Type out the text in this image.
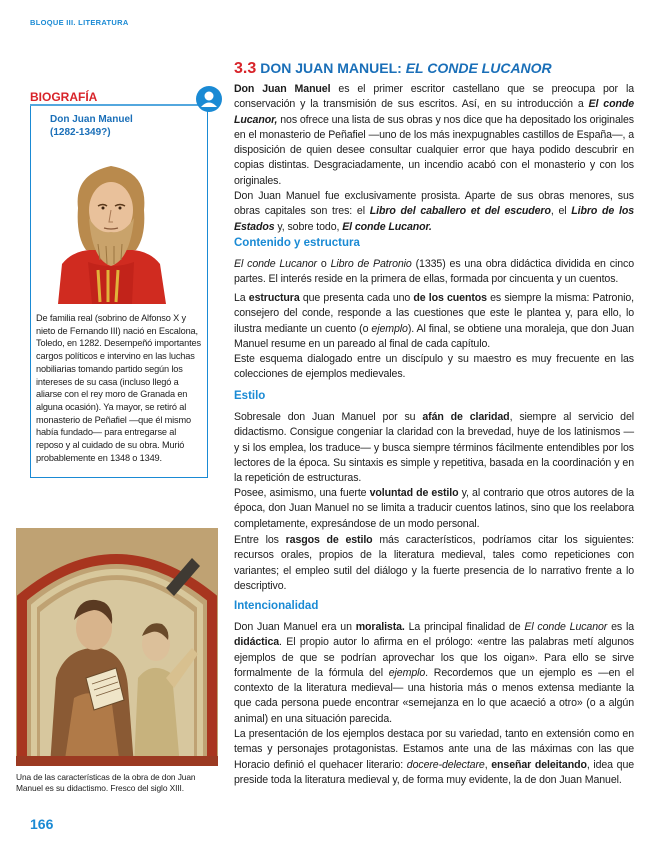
BLOQUE III. LITERATURA
BIOGRAFÍA
Don Juan Manuel
(1282-1349?)
De familia real (sobrino de Alfonso X y nieto de Fernando III) nació en Escalona, Toledo, en 1282. Desempeñó importantes cargos políticos e intervino en las luchas nobiliarias tomando partido según los intereses de su casa (incluso llegó a aliarse con el rey moro de Granada en alguna ocasión). Ya mayor, se retiró al monasterio de Peñafiel —que él mismo había fundado— para entregarse al reposo y al cuidado de su obra. Murió probablemente en 1348 o 1349.
Una de las características de la obra de don Juan Manuel es su didactismo. Fresco del siglo XIII.
3.3 DON JUAN MANUEL: EL CONDE LUCANOR

Don Juan Manuel es el primer escritor castellano que se preocupa por la conservación y la transmisión de sus escritos. Así, en su introducción a El conde Lucanor, nos ofrece una lista de sus obras y nos dice que ha depositado los originales en el monasterio de Peñafiel —uno de los más inexpugnables castillos de España—, a disposición de quien desee consultar cualquier error que haya podido descubrir en copias distintas. Desgraciadamente, un incendio acabó con el monasterio y con los originales.

Don Juan Manuel fue exclusivamente prosista. Aparte de sus obras menores, sus obras capitales son tres: el Libro del caballero et del escudero, el Libro de los Estados y, sobre todo, El conde Lucanor.

Contenido y estructura

El conde Lucanor o Libro de Patronio (1335) es una obra didáctica dividida en cinco partes. El interés reside en la primera de ellas, formada por cincuenta y un cuentos.

La estructura que presenta cada uno de los cuentos es siempre la misma: Patronio, consejero del conde, responde a las cuestiones que este le plantea y, para ello, lo ilustra mediante un cuento (o ejemplo). Al final, se obtiene una moraleja, que don Juan Manuel resume en un pareado al final de cada capítulo.

Este esquema dialogado entre un discípulo y su maestro es muy frecuente en las colecciones de ejemplos medievales.

Estilo

Sobresale don Juan Manuel por su afán de claridad, siempre al servicio del didactismo. Consigue congeniar la claridad con la brevedad, huye de los latinismos —y si los emplea, los traduce— y busca siempre términos fácilmente entendibles por los lectores de la época. Su sintaxis es simple y repetitiva, basada en la coordinación y en la repetición de estructuras.

Posee, asimismo, una fuerte voluntad de estilo y, al contrario que otros autores de la época, don Juan Manuel no se limita a traducir cuentos latinos, sino que los reelabora completamente, expresándose de un modo personal.

Entre los rasgos de estilo más característicos, podríamos citar los siguientes: recursos orales, propios de la literatura medieval, tales como repeticiones con variantes; el empleo sutil del diálogo y la fuerte presencia de lo narrativo frente a lo descriptivo.

Intencionalidad

Don Juan Manuel era un moralista. La principal finalidad de El conde Lucanor es la didáctica. El propio autor lo afirma en el prólogo: «entre las palabras metí algunos ejemplos de que se podrían aprovechar los que los oigan». Para ello se sirve formalmente de la fórmula del ejemplo. Recordemos que un ejemplo es —en el contexto de la literatura medieval— una historia más o menos extensa mediante la que cada persona puede encontrar «semejanza en lo que acaeció a otro» (o a algún animal) en una situación parecida.

La presentación de los ejemplos destaca por su variedad, tanto en extensión como en temas y personajes protagonistas. Estamos ante una de las máximas con las que Horacio definió el quehacer literario: docere-delectare, enseñar deleitando, idea que preside toda la literatura medieval y, de forma muy evidente, la de don Juan Manuel.

166
